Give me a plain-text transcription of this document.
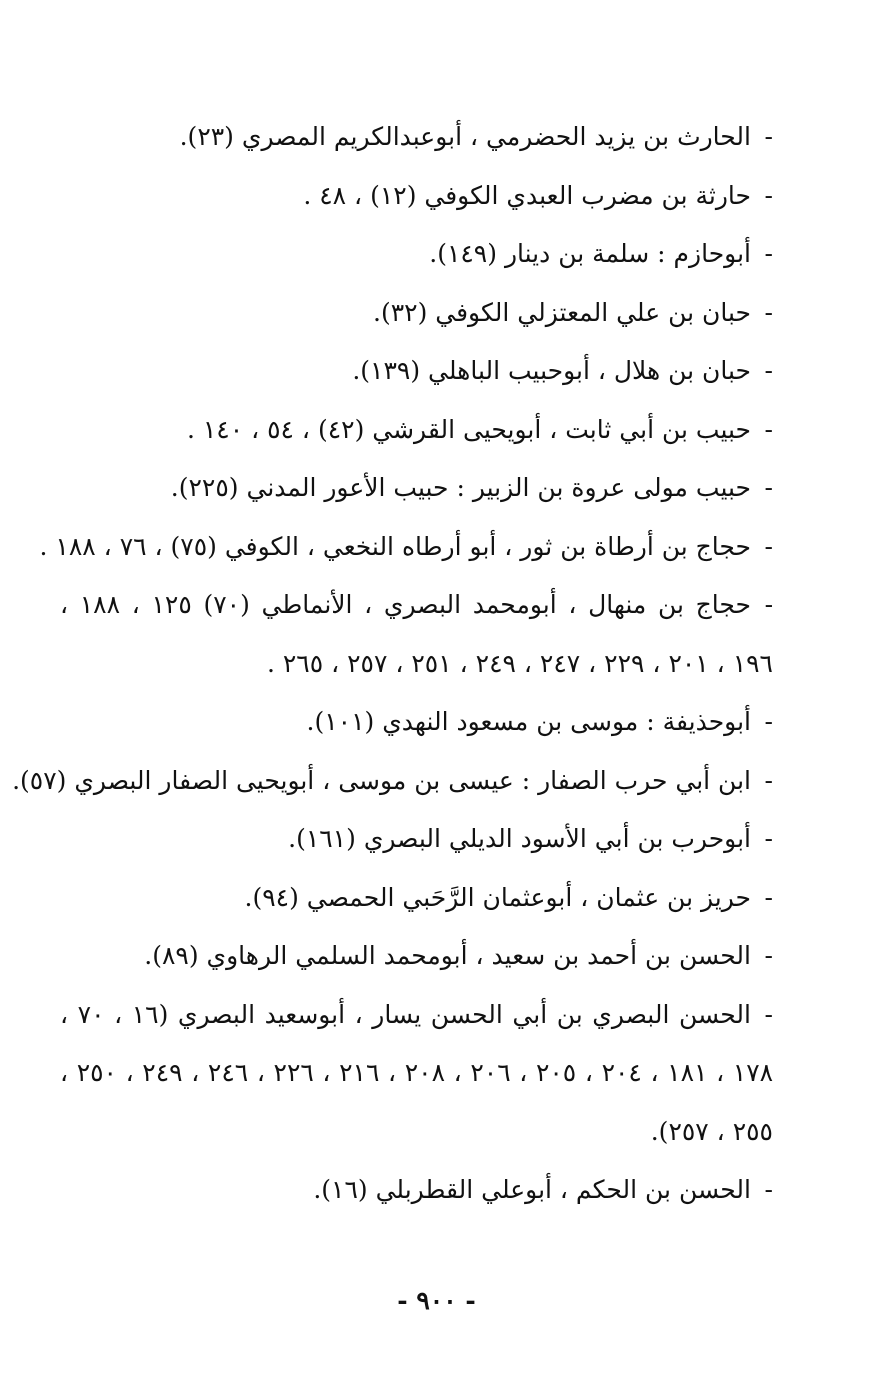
-الحارث بن يزيد الحضرمي ، أبوعبدالكريم المصري (٢٣).
-حارثة بن مضرب العبدي الكوفي (١٢) ، ٤٨ .
-أبوحازم : سلمة بن دينار (١٤٩).
-حبان بن علي المعتزلي الكوفي (٣٢).
-حبان بن هلال ، أبوحبيب الباهلي (١٣٩).
-حبيب بن أبي ثابت ، أبويحيى القرشي (٤٢) ، ٥٤ ، ١٤٠ .
-حبيب مولى عروة بن الزبير : حبيب الأعور المدني (٢٢٥).
-حجاج بن أرطاة بن ثور ، أبو أرطاه النخعي ، الكوفي (٧٥) ، ٧٦ ، ١٨٨ .
-حجاج بن منهال ، أبومحمد البصري ، الأنماطي (٧٠) ١٢٥ ، ١٨٨ ، ١٩٦ ، ٢٠١ ، ٢٢٩ ، ٢٤٧ ، ٢٤٩ ، ٢٥١ ، ٢٥٧ ، ٢٦٥ .
-أبوحذيفة : موسى بن مسعود النهدي (١٠١).
-ابن أبي حرب الصفار : عيسى بن موسى ، أبويحيى الصفار البصري (٥٧).
-أبوحرب بن أبي الأسود الديلي البصري (١٦١).
-حريز بن عثمان ، أبوعثمان الرَّحَبي الحمصي (٩٤).
-الحسن بن أحمد بن سعيد ، أبومحمد السلمي الرهاوي (٨٩).
-الحسن البصري بن أبي الحسن يسار ، أبوسعيد البصري (١٦ ، ٧٠ ، ١٧٨ ، ١٨١ ، ٢٠٤ ، ٢٠٥ ، ٢٠٦ ، ٢٠٨ ، ٢١٦ ، ٢٢٦ ، ٢٤٦ ، ٢٤٩ ، ٢٥٠ ، ٢٥٥ ، ٢٥٧).
-الحسن بن الحكم ، أبوعلي القطربلي (١٦).
- ٩٠٠ -
